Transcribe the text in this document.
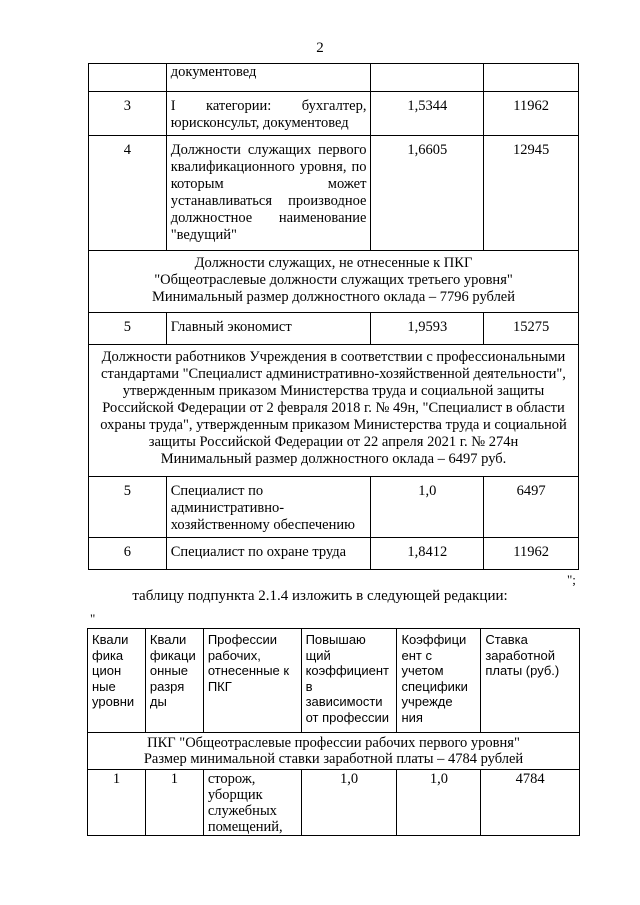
2
	документовед		
3	I категории: бухгалтер, юрисконсульт, документовед	1,5344	11962
4	Должности служащих первого квалификационного уровня, по которым может устанавливаться производное должностное наименование "ведущий"	1,6605	12945

Должности служащих, не отнесенные к ПКГ
"Общеотраслевые должности служащих третьего уровня"
Минимальный размер должностного оклада – 7796 рублей			

5	Главный экономист	1,9593	15275

Должности работников Учреждения в соответствии с профессиональными стандартами "Специалист административно-хозяйственной деятельности", утвержденным приказом Министерства труда и социальной защиты Российской Федерации от 2 февраля 2018 г. № 49н, "Специалист в области охраны труда", утвержденным приказом Министерства труда и социальной защиты Российской Федерации от 22 апреля 2021 г. № 274н
Минимальный размер должностного оклада – 6497 руб.			

5	Специалист по административно-хозяйственному обеспечению	1,0	6497
6	Специалист по охране труда	1,8412	11962
";
таблицу подпункта 2.1.4 изложить в следующей редакции:
"
Квали фика цион ные уровни	Квали фикаци онные разря ды	Профессии рабочих, отнесенные к ПКГ	Повышаю щий коэффициент в зависимости от профессии	Коэффици ент с учетом специфики учрежде ния	Ставка заработной платы (руб.)

ПКГ "Общеотраслевые профессии рабочих первого уровня"
Размер минимальной ставки заработной платы – 4784 рублей					

1	1	сторож, уборщик служебных помещений,	1,0	1,0	4784
